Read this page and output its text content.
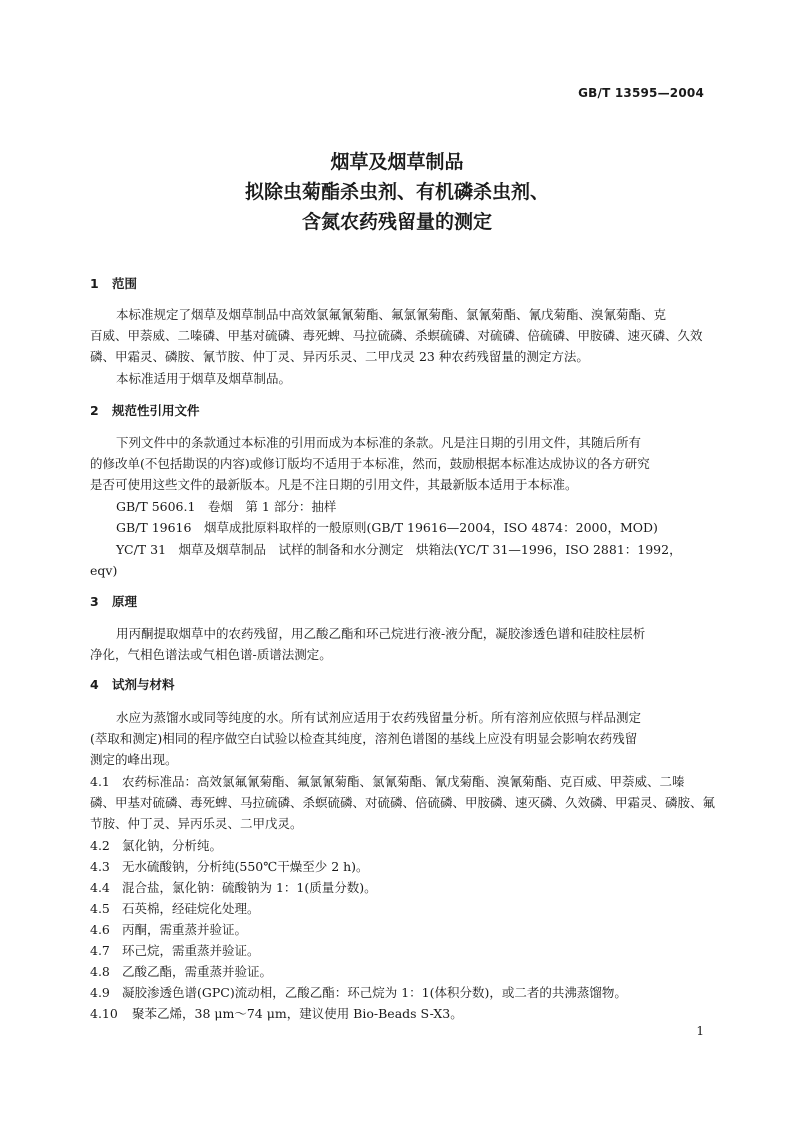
GB/T 13595—2004
烟草及烟草制品
拟除虫菊酯杀虫剂、有机磷杀虫剂、
含氮农药残留量的测定
1 范围
本标准规定了烟草及烟草制品中高效氯氟氰菊酯、氟氯氰菊酯、氯氰菊酯、氰戊菊酯、溴氰菊酯、克
百威、甲萘威、二嗪磷、甲基对硫磷、毒死蜱、马拉硫磷、杀螟硫磷、对硫磷、倍硫磷、甲胺磷、速灭磷、久效
磷、甲霜灵、磷胺、氰节胺、仲丁灵、异丙乐灵、二甲戊灵 23 种农药残留量的测定方法。
本标准适用于烟草及烟草制品。
2 规范性引用文件
下列文件中的条款通过本标准的引用而成为本标准的条款。凡是注日期的引用文件，其随后所有
的修改单(不包括勘误的内容)或修订版均不适用于本标准，然而，鼓励根据本标准达成协议的各方研究
是否可使用这些文件的最新版本。凡是不注日期的引用文件，其最新版本适用于本标准。
GB/T 5606.1　卷烟　第 1 部分：抽样
GB/T 19616　烟草成批原料取样的一般原则(GB/T 19616—2004，ISO 4874：2000，MOD)
YC/T 31　烟草及烟草制品　试样的制备和水分测定　烘箱法(YC/T 31—1996，ISO 2881：1992，
eqv)
3 原理
用丙酮提取烟草中的农药残留，用乙酸乙酯和环己烷进行液-液分配，凝胶渗透色谱和硅胶柱层析
净化，气相色谱法或气相色谱-质谱法测定。
4 试剂与材料
水应为蒸馏水或同等纯度的水。所有试剂应适用于农药残留量分析。所有溶剂应依照与样品测定
(萃取和测定)相同的程序做空白试验以检查其纯度，溶剂色谱图的基线上应没有明显会影响农药残留
测定的峰出现。
4.1 农药标准品：高效氯氟氰菊酯、氟氯氰菊酯、氯氰菊酯、氰戊菊酯、溴氰菊酯、克百威、甲萘威、二嗪
磷、甲基对硫磷、毒死蜱、马拉硫磷、杀螟硫磷、对硫磷、倍硫磷、甲胺磷、速灭磷、久效磷、甲霜灵、磷胺、氟
节胺、仲丁灵、异丙乐灵、二甲戊灵。
4.2 氯化钠，分析纯。
4.3 无水硫酸钠，分析纯(550℃干燥至少 2 h)。
4.4 混合盐，氯化钠：硫酸钠为 1：1(质量分数)。
4.5 石英棉，经硅烷化处理。
4.6 丙酮，需重蒸并验证。
4.7 环己烷，需重蒸并验证。
4.8 乙酸乙酯，需重蒸并验证。
4.9 凝胶渗透色谱(GPC)流动相，乙酸乙酯：环己烷为 1：1(体积分数)，或二者的共沸蒸馏物。
4.10 聚苯乙烯，38 μm～74 μm，建议使用 Bio-Beads S-X3。
1
